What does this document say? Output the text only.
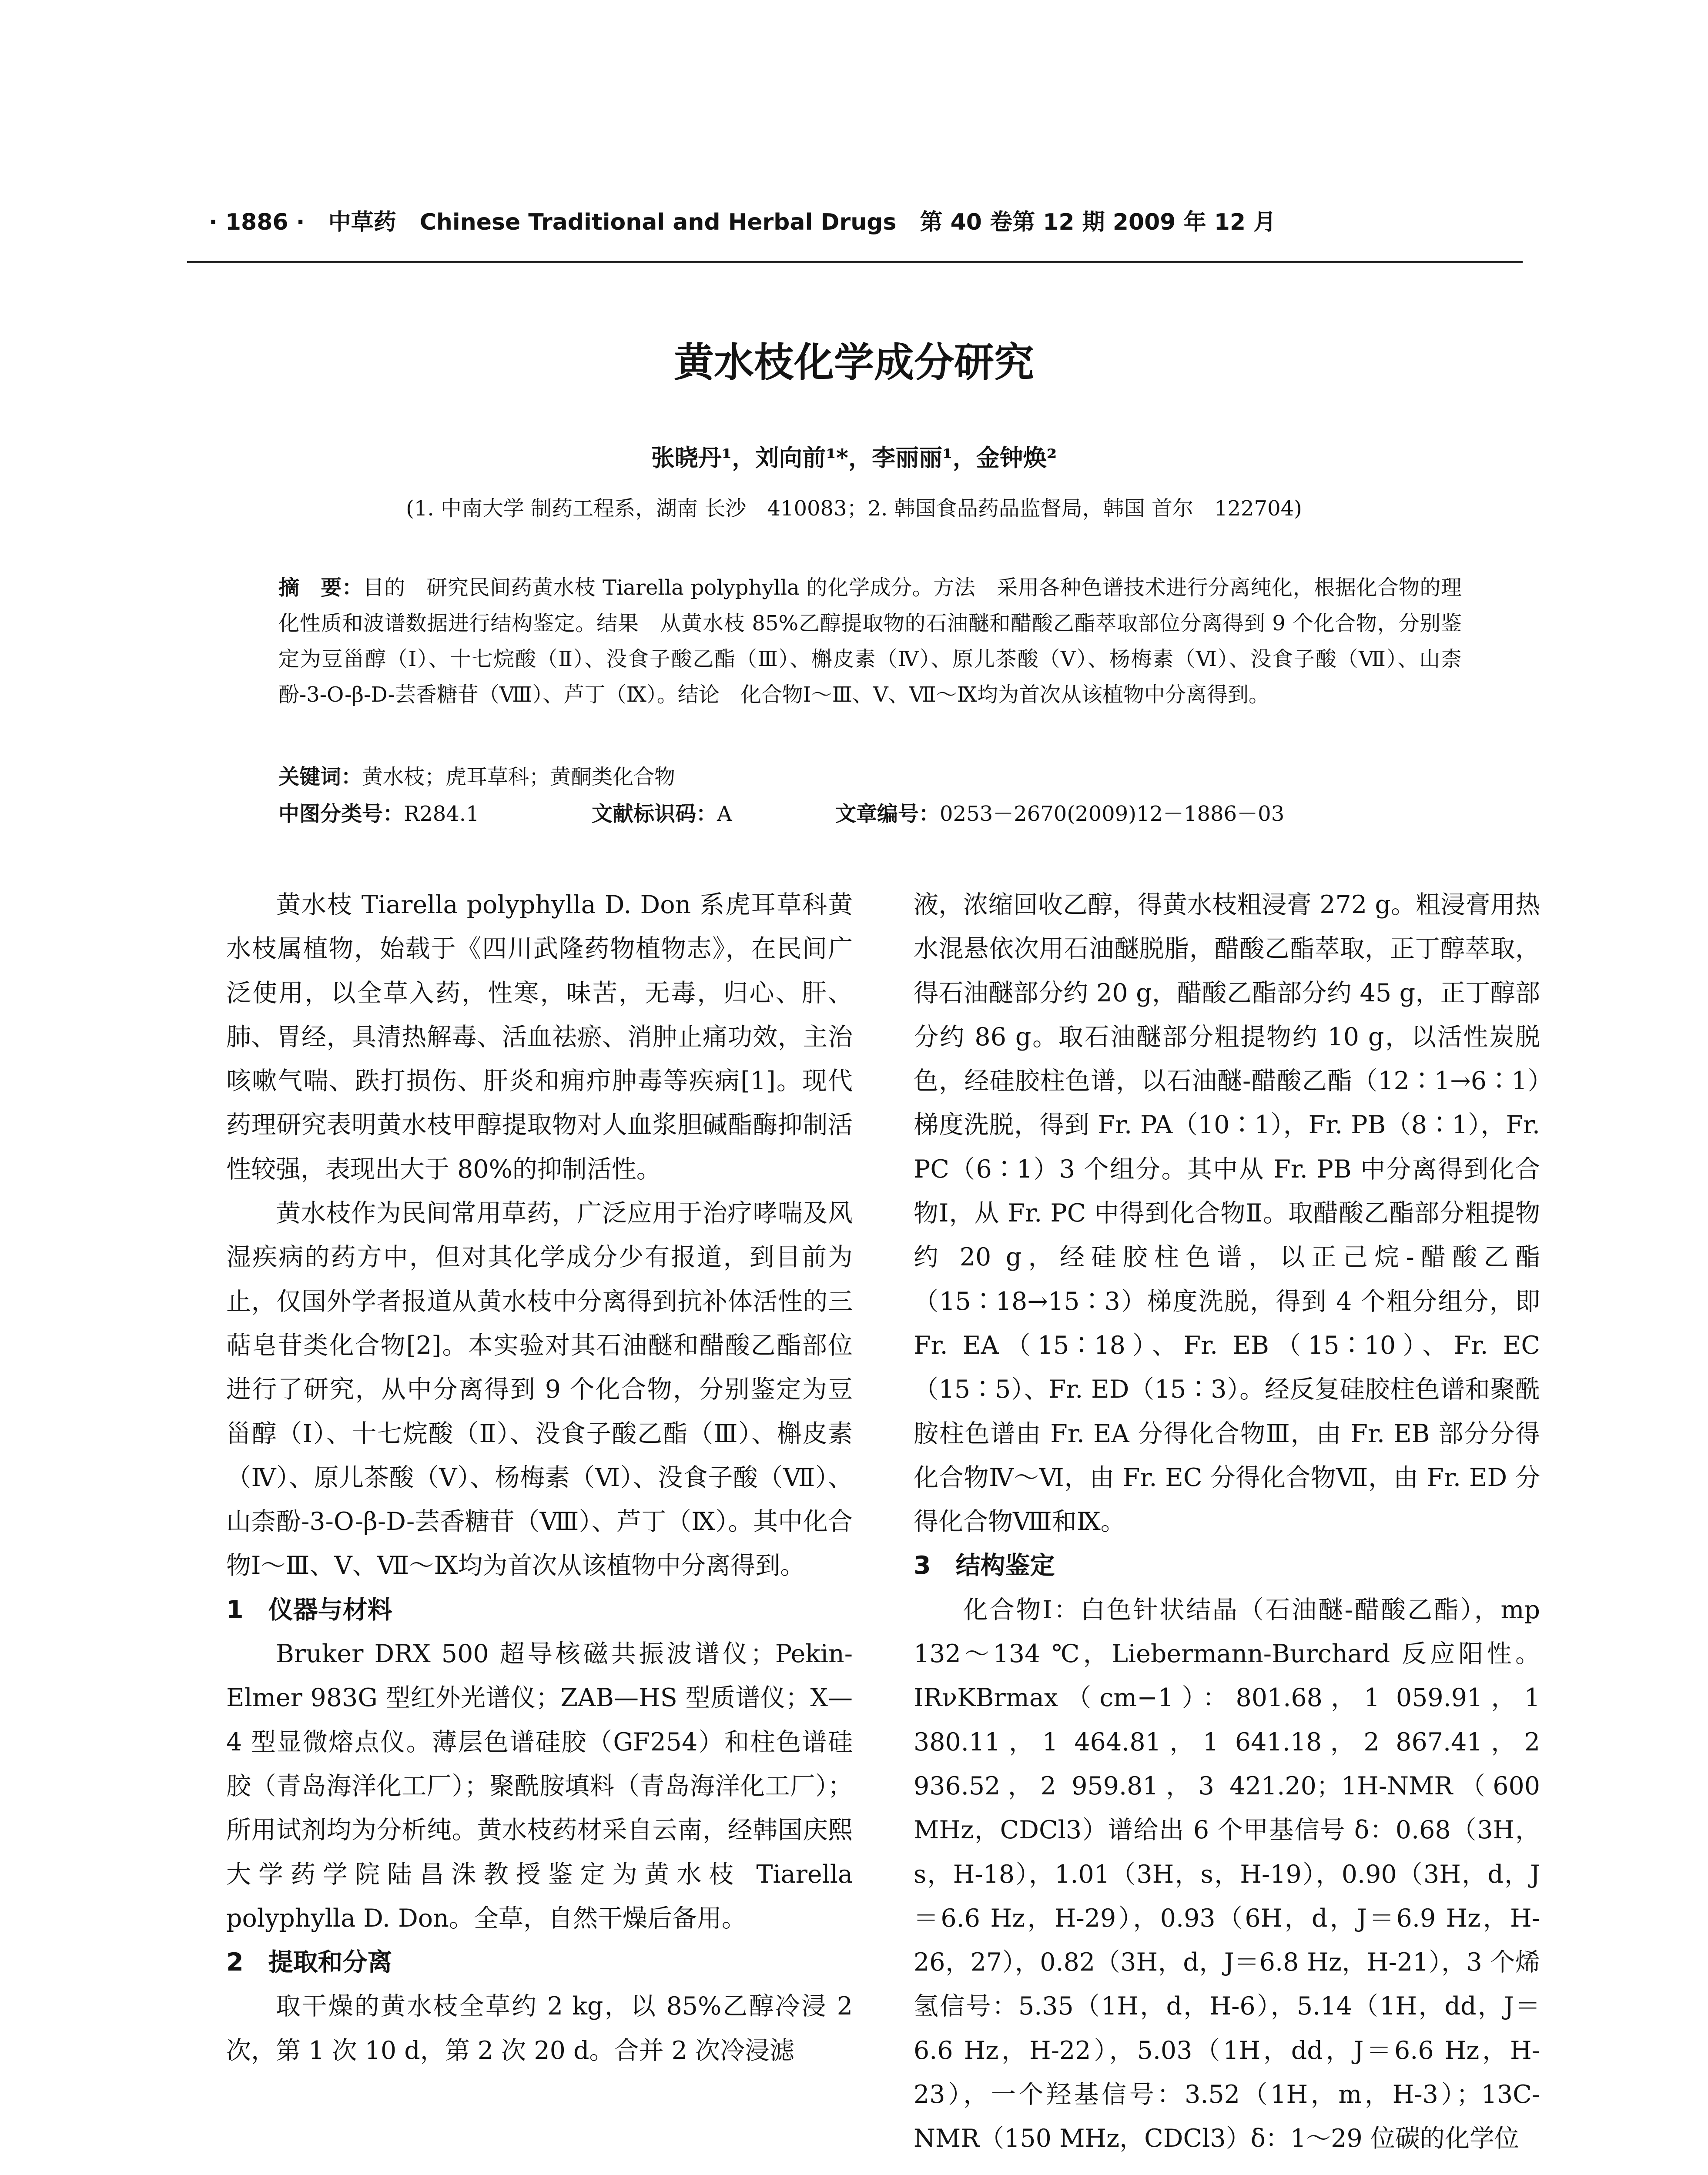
· 1886 · 中草药 Chinese Traditional and Herbal Drugs 第 40 卷第 12 期 2009 年 12 月
黄水枝化学成分研究
张晓丹¹，刘向前¹*，李丽丽¹，金钟焕²
(1. 中南大学 制药工程系，湖南 长沙　410083；2. 韩国食品药品监督局，韩国 首尔　122704)
摘　要：目的　研究民间药黄水枝 Tiarella polyphylla 的化学成分。方法　采用各种色谱技术进行分离纯化，根据化合物的理化性质和波谱数据进行结构鉴定。结果　从黄水枝 85%乙醇提取物的石油醚和醋酸乙酯萃取部位分离得到 9 个化合物，分别鉴定为豆甾醇（Ⅰ）、十七烷酸（Ⅱ）、没食子酸乙酯（Ⅲ）、槲皮素（Ⅳ）、原儿茶酸（Ⅴ）、杨梅素（Ⅵ）、没食子酸（Ⅶ）、山柰酚-3-O-β-D-芸香糖苷（Ⅷ）、芦丁（Ⅸ）。结论　化合物Ⅰ～Ⅲ、Ⅴ、Ⅶ～Ⅸ均为首次从该植物中分离得到。
关键词：黄水枝；虎耳草科；黄酮类化合物
中图分类号：R284.1	文献标识码：A	文章编号：0253－2670(2009)12－1886－03

黄水枝 Tiarella polyphylla D. Don 系虎耳草科黄水枝属植物，始载于《四川武隆药物植物志》，在民间广泛使用，以全草入药，性寒，味苦，无毒，归心、肝、肺、胃经，具清热解毒、活血祛瘀、消肿止痛功效，主治咳嗽气喘、跌打损伤、肝炎和痈疖肿毒等疾病[1]。现代药理研究表明黄水枝甲醇提取物对人血浆胆碱酯酶抑制活性较强，表现出大于 80%的抑制活性。

黄水枝作为民间常用草药，广泛应用于治疗哮喘及风湿疾病的药方中，但对其化学成分少有报道，到目前为止，仅国外学者报道从黄水枝中分离得到抗补体活性的三萜皂苷类化合物[2]。本实验对其石油醚和醋酸乙酯部位进行了研究，从中分离得到 9 个化合物，分别鉴定为豆甾醇（Ⅰ）、十七烷酸（Ⅱ）、没食子酸乙酯（Ⅲ）、槲皮素（Ⅳ）、原儿茶酸（Ⅴ）、杨梅素（Ⅵ）、没食子酸（Ⅶ）、山柰酚-3-O-β-D-芸香糖苷（Ⅷ）、芦丁（Ⅸ）。其中化合物Ⅰ～Ⅲ、Ⅴ、Ⅶ～Ⅸ均为首次从该植物中分离得到。

1　仪器与材料

Bruker DRX 500 超导核磁共振波谱仪；Pekin-Elmer 983G 型红外光谱仪；ZAB—HS 型质谱仪；X—4 型显微熔点仪。薄层色谱硅胶（GF254）和柱色谱硅胶（青岛海洋化工厂）；聚酰胺填料（青岛海洋化工厂）；所用试剂均为分析纯。黄水枝药材采自云南，经韩国庆熙大学药学院陆昌洙教授鉴定为黄水枝 Tiarella polyphylla D. Don。全草，自然干燥后备用。

2　提取和分离

取干燥的黄水枝全草约 2 kg，以 85%乙醇冷浸 2 次，第 1 次 10 d，第 2 次 20 d。合并 2 次冷浸滤

液，浓缩回收乙醇，得黄水枝粗浸膏 272 g。粗浸膏用热水混悬依次用石油醚脱脂，醋酸乙酯萃取，正丁醇萃取，得石油醚部分约 20 g，醋酸乙酯部分约 45 g，正丁醇部分约 86 g。取石油醚部分粗提物约 10 g，以活性炭脱色，经硅胶柱色谱，以石油醚-醋酸乙酯（12∶1→6∶1）梯度洗脱，得到 Fr. PA（10∶1），Fr. PB（8∶1），Fr. PC（6∶1）3 个组分。其中从 Fr. PB 中分离得到化合物Ⅰ，从 Fr. PC 中得到化合物Ⅱ。取醋酸乙酯部分粗提物约 20 g，经硅胶柱色谱，以正己烷-醋酸乙酯（15∶18→15∶3）梯度洗脱，得到 4 个粗分组分，即 Fr. EA（15∶18）、Fr. EB（15∶10）、Fr. EC（15∶5）、Fr. ED（15∶3）。经反复硅胶柱色谱和聚酰胺柱色谱由 Fr. EA 分得化合物Ⅲ，由 Fr. EB 部分分得化合物Ⅳ～Ⅵ，由 Fr. EC 分得化合物Ⅶ，由 Fr. ED 分得化合物Ⅷ和Ⅸ。

3　结构鉴定

化合物Ⅰ：白色针状结晶（石油醚-醋酸乙酯），mp 132～134 ℃，Liebermann-Burchard 反应阳性。IRνKBrmax（cm−1）：801.68，1 059.91，1 380.11，1 464.81，1 641.18，2 867.41，2 936.52，2 959.81，3 421.20；1H-NMR（600 MHz，CDCl3）谱给出 6 个甲基信号 δ：0.68（3H，s，H-18），1.01（3H，s，H-19），0.90（3H，d，J＝6.6 Hz，H-29），0.93（6H，d，J＝6.9 Hz，H-26，27），0.82（3H，d，J＝6.8 Hz，H-21），3 个烯氢信号：5.35（1H，d，H-6），5.14（1H，dd，J＝6.6 Hz，H-22），5.03（1H，dd，J＝6.6 Hz，H-23），一个羟基信号：3.52（1H，m，H-3）；13C-NMR（150 MHz，CDCl3）δ：1～29 位碳的化学位
